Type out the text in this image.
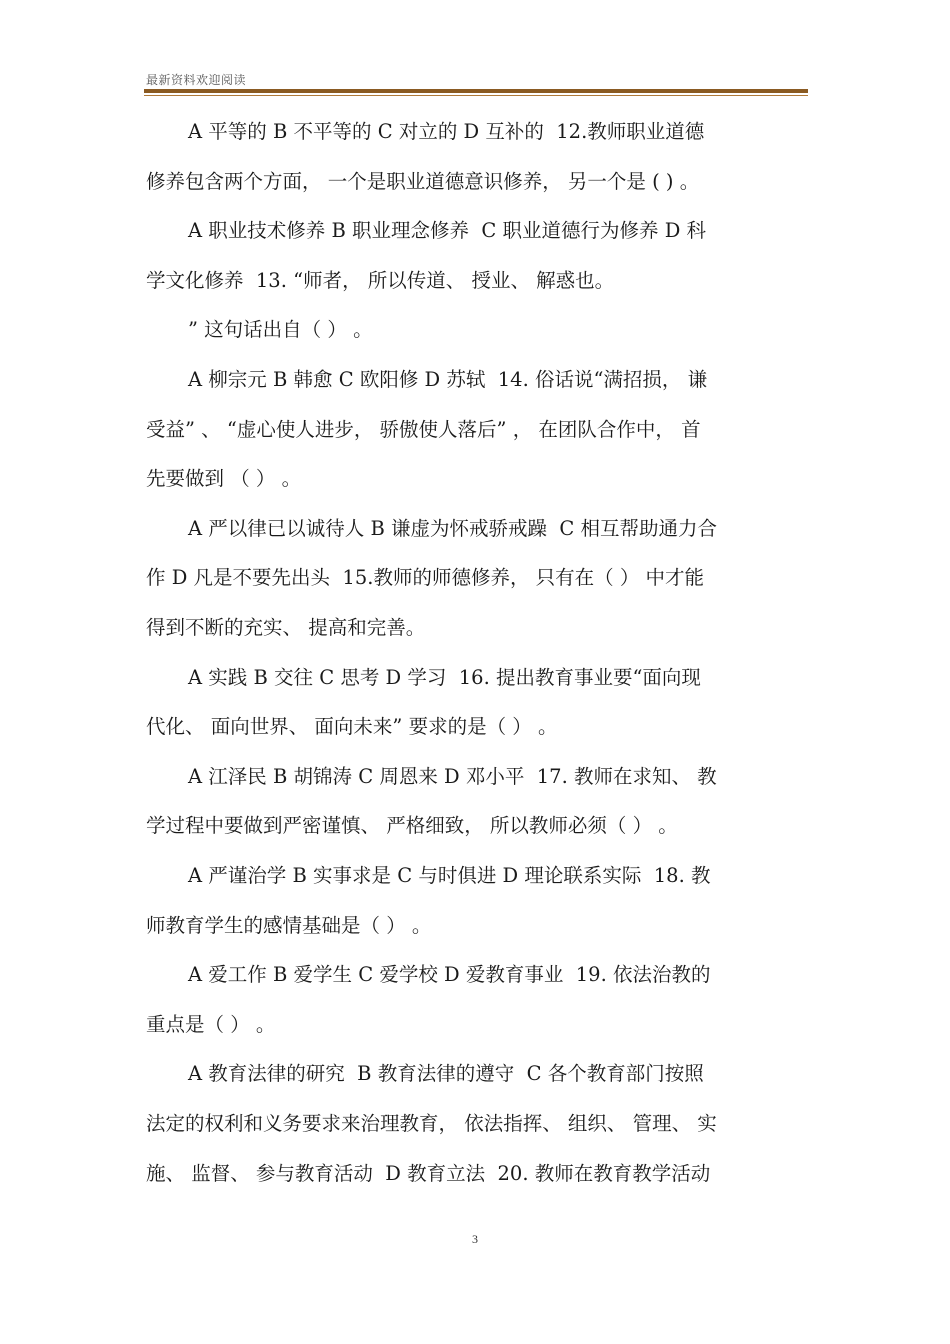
最新资料欢迎阅读
A 平等的 B 不平等的 C 对立的 D 互补的  12.教师职业道德
修养包含两个方面， 一个是职业道德意识修养， 另一个是 ( ) 。
A 职业技术修养 B 职业理念修养  C 职业道德行为修养 D 科
学文化修养  13. “师者， 所以传道、 授业、 解惑也。
” 这句话出自（ ） 。
A 柳宗元 B 韩愈 C 欧阳修 D 苏轼  14. 俗话说“满招损， 谦
受益” 、 “虚心使人进步， 骄傲使人落后” ， 在团队合作中， 首
先要做到 （ ） 。
A 严以律已以诚待人 B 谦虚为怀戒骄戒躁  C 相互帮助通力合
作 D 凡是不要先出头  15.教师的师德修养， 只有在（ ） 中才能
得到不断的充实、 提高和完善。
A 实践 B 交往 C 思考 D 学习  16. 提出教育事业要“面向现
代化、 面向世界、 面向未来” 要求的是（ ） 。
A 江泽民 B 胡锦涛 C 周恩来 D 邓小平  17. 教师在求知、 教
学过程中要做到严密谨慎、 严格细致， 所以教师必须（ ） 。
A 严谨治学 B 实事求是 C 与时俱进 D 理论联系实际  18. 教
师教育学生的感情基础是（ ） 。
A 爱工作 B 爱学生 C 爱学校 D 爱教育事业  19. 依法治教的
重点是（ ） 。
A 教育法律的研究  B 教育法律的遵守  C 各个教育部门按照
法定的权利和义务要求来治理教育， 依法指挥、 组织、 管理、 实
施、 监督、 参与教育活动  D 教育立法  20. 教师在教育教学活动
3
